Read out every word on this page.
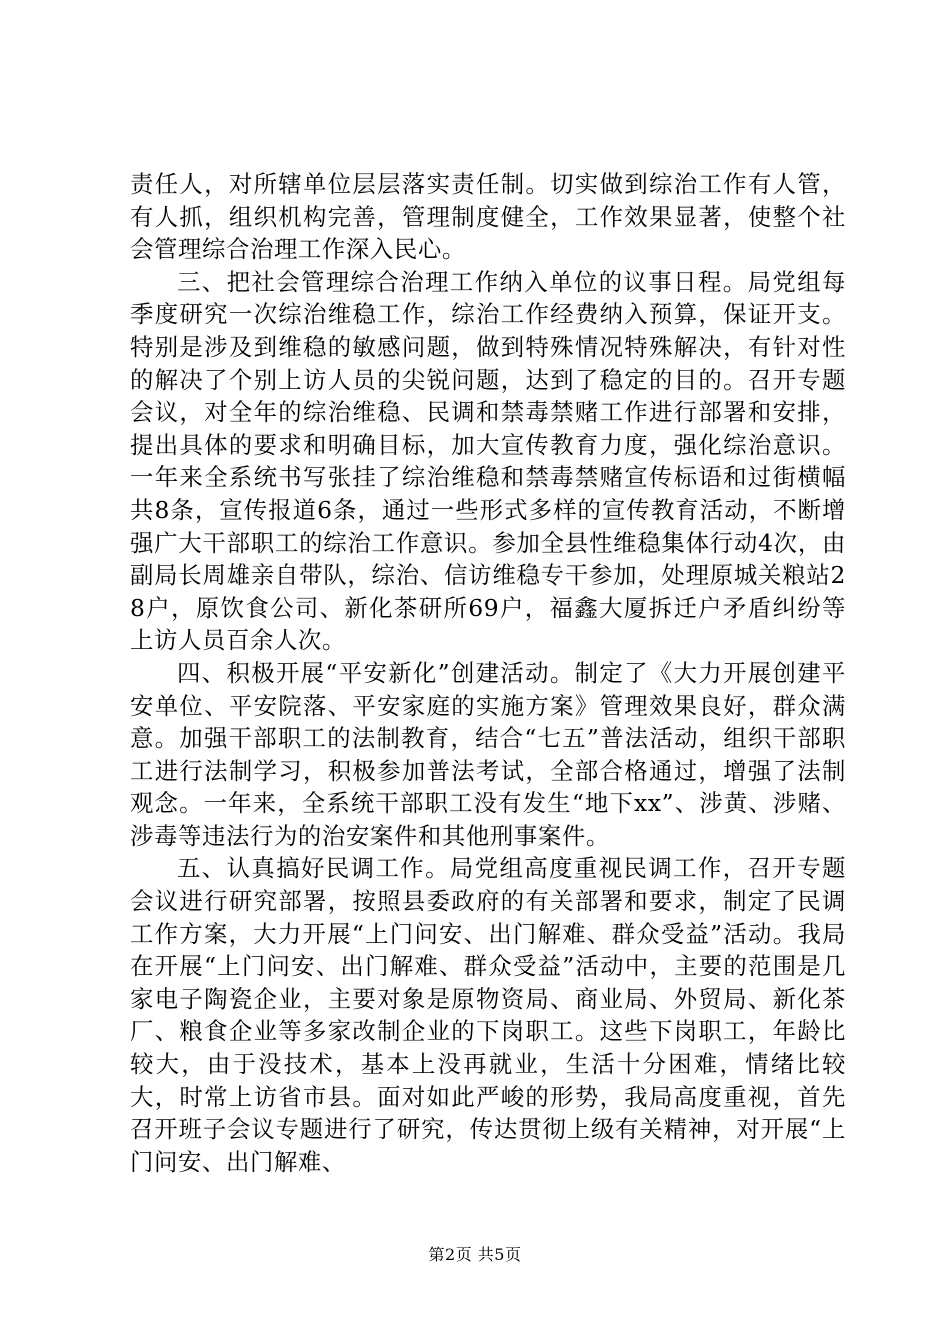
责任人，对所辖单位层层落实责任制。切实做到综治工作有人管，有人抓，组织机构完善，管理制度健全，工作效果显著，使整个社会管理综合治理工作深入民心。

三、把社会管理综合治理工作纳入单位的议事日程。局党组每季度研究一次综治维稳工作，综治工作经费纳入预算，保证开支。特别是涉及到维稳的敏感问题，做到特殊情况特殊解决，有针对性的解决了个别上访人员的尖锐问题，达到了稳定的目的。召开专题会议，对全年的综治维稳、民调和禁毒禁赌工作进行部署和安排，提出具体的要求和明确目标，加大宣传教育力度，强化综治意识。一年来全系统书写张挂了综治维稳和禁毒禁赌宣传标语和过街横幅共8条，宣传报道6条，通过一些形式多样的宣传教育活动，不断增强广大干部职工的综治工作意识。参加全县性维稳集体行动4次，由副局长周雄亲自带队，综治、信访维稳专干参加，处理原城关粮站28户，原饮食公司、新化茶研所69户，福鑫大厦拆迁户矛盾纠纷等上访人员百余人次。

四、积极开展“平安新化”创建活动。制定了《大力开展创建平安单位、平安院落、平安家庭的实施方案》管理效果良好，群众满意。加强干部职工的法制教育，结合“七五”普法活动，组织干部职工进行法制学习，积极参加普法考试，全部合格通过，增强了法制观念。一年来，全系统干部职工没有发生“地下xx”、涉黄、涉赌、涉毒等违法行为的治安案件和其他刑事案件。

五、认真搞好民调工作。局党组高度重视民调工作，召开专题会议进行研究部署，按照县委政府的有关部署和要求，制定了民调工作方案，大力开展“上门问安、出门解难、群众受益”活动。我局在开展“上门问安、出门解难、群众受益”活动中，主要的范围是几家电子陶瓷企业，主要对象是原物资局、商业局、外贸局、新化茶厂、粮食企业等多家改制企业的下岗职工。这些下岗职工，年龄比较大，由于没技术，基本上没再就业，生活十分困难，情绪比较大，时常上访省市县。面对如此严峻的形势，我局高度重视，首先召开班子会议专题进行了研究，传达贯彻上级有关精神，对开展“上门问安、出门解难、

第2页 共5页
